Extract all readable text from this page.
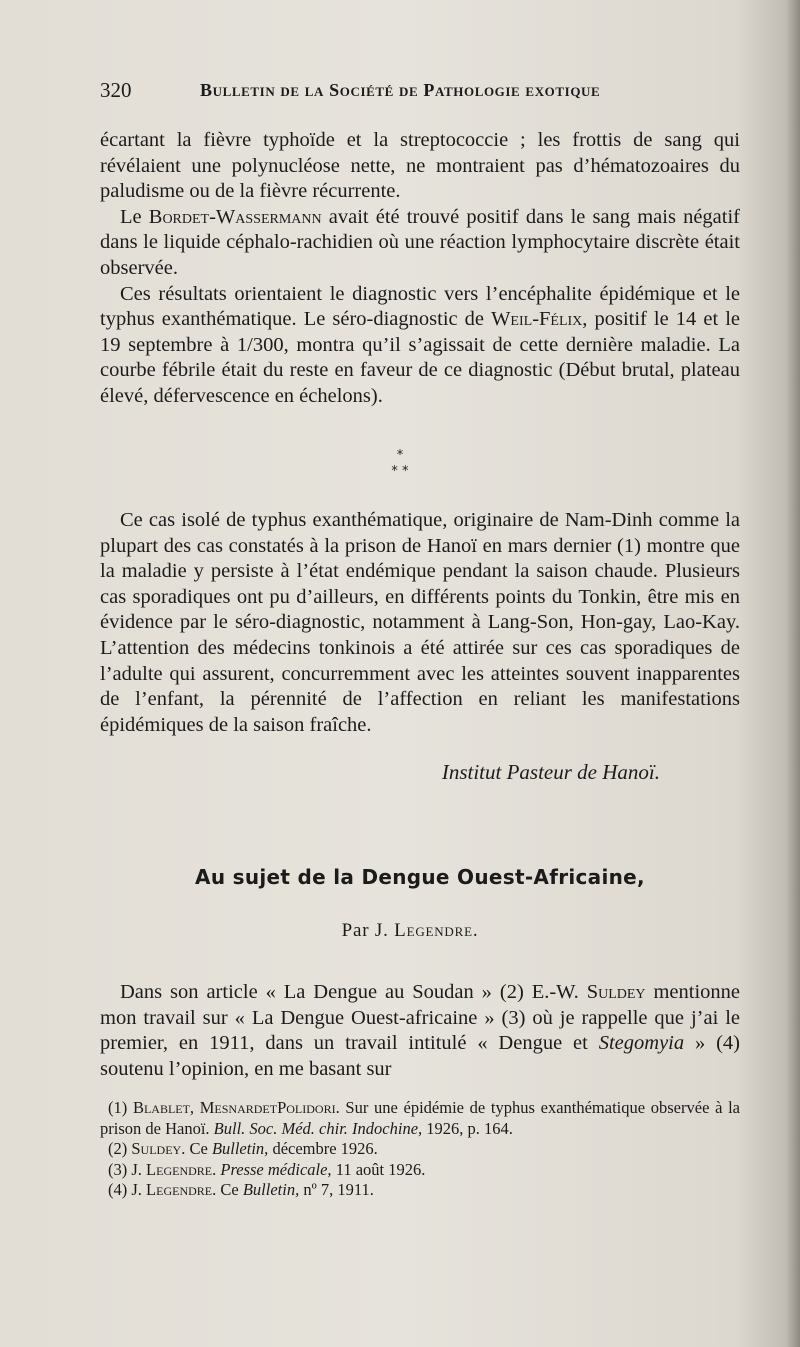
320	Bulletin de la Société de Pathologie exotique

écartant la fièvre typhoïde et la streptococcie ; les frottis de sang qui révélaient une polynucléose nette, ne montraient pas d’hématozoaires du paludisme ou de la fièvre récurrente.

Le Bordet-Wassermann avait été trouvé positif dans le sang mais négatif dans le liquide céphalo-rachidien où une réaction lymphocytaire discrète était observée.

Ces résultats orientaient le diagnostic vers l’encéphalite épidémique et le typhus exanthématique. Le séro-diagnostic de Weil-Félix, positif le 14 et le 19 septembre à 1/300, montra qu’il s’agissait de cette dernière maladie. La courbe fébrile était du reste en faveur de ce diagnostic (Début brutal, plateau élevé, défervescence en échelons).

*
* *

Ce cas isolé de typhus exanthématique, originaire de Nam-Dinh comme la plupart des cas constatés à la prison de Hanoï en mars dernier (1) montre que la maladie y persiste à l’état endémique pendant la saison chaude. Plusieurs cas sporadiques ont pu d’ailleurs, en différents points du Tonkin, être mis en évidence par le séro-diagnostic, notamment à Lang-Son, Hon-gay, Lao-Kay. L’attention des médecins tonkinois a été attirée sur ces cas sporadiques de l’adulte qui assurent, concurremment avec les atteintes souvent inapparentes de l’enfant, la pérennité de l’affection en reliant les manifestations épidémiques de la saison fraîche.

Institut Pasteur de Hanoï.
Au sujet de la Dengue Ouest-Africaine,
Par J. Legendre.

Dans son article « La Dengue au Soudan » (2) E.-W. Suldey mentionne mon travail sur « La Dengue Ouest-africaine » (3) où je rappelle que j’ai le premier, en 1911, dans un travail intitulé « Dengue et Stegomyia » (4) soutenu l’opinion, en me basant sur

(1) Blablet, MesnardetPolidori. Sur une épidémie de typhus exanthématique observée à la prison de Hanoï. Bull. Soc. Méd. chir. Indochine, 1926, p. 164.

(2) Suldey. Ce Bulletin, décembre 1926.

(3) J. Legendre. Presse médicale, 11 août 1926.

(4) J. Legendre. Ce Bulletin, nº 7, 1911.
